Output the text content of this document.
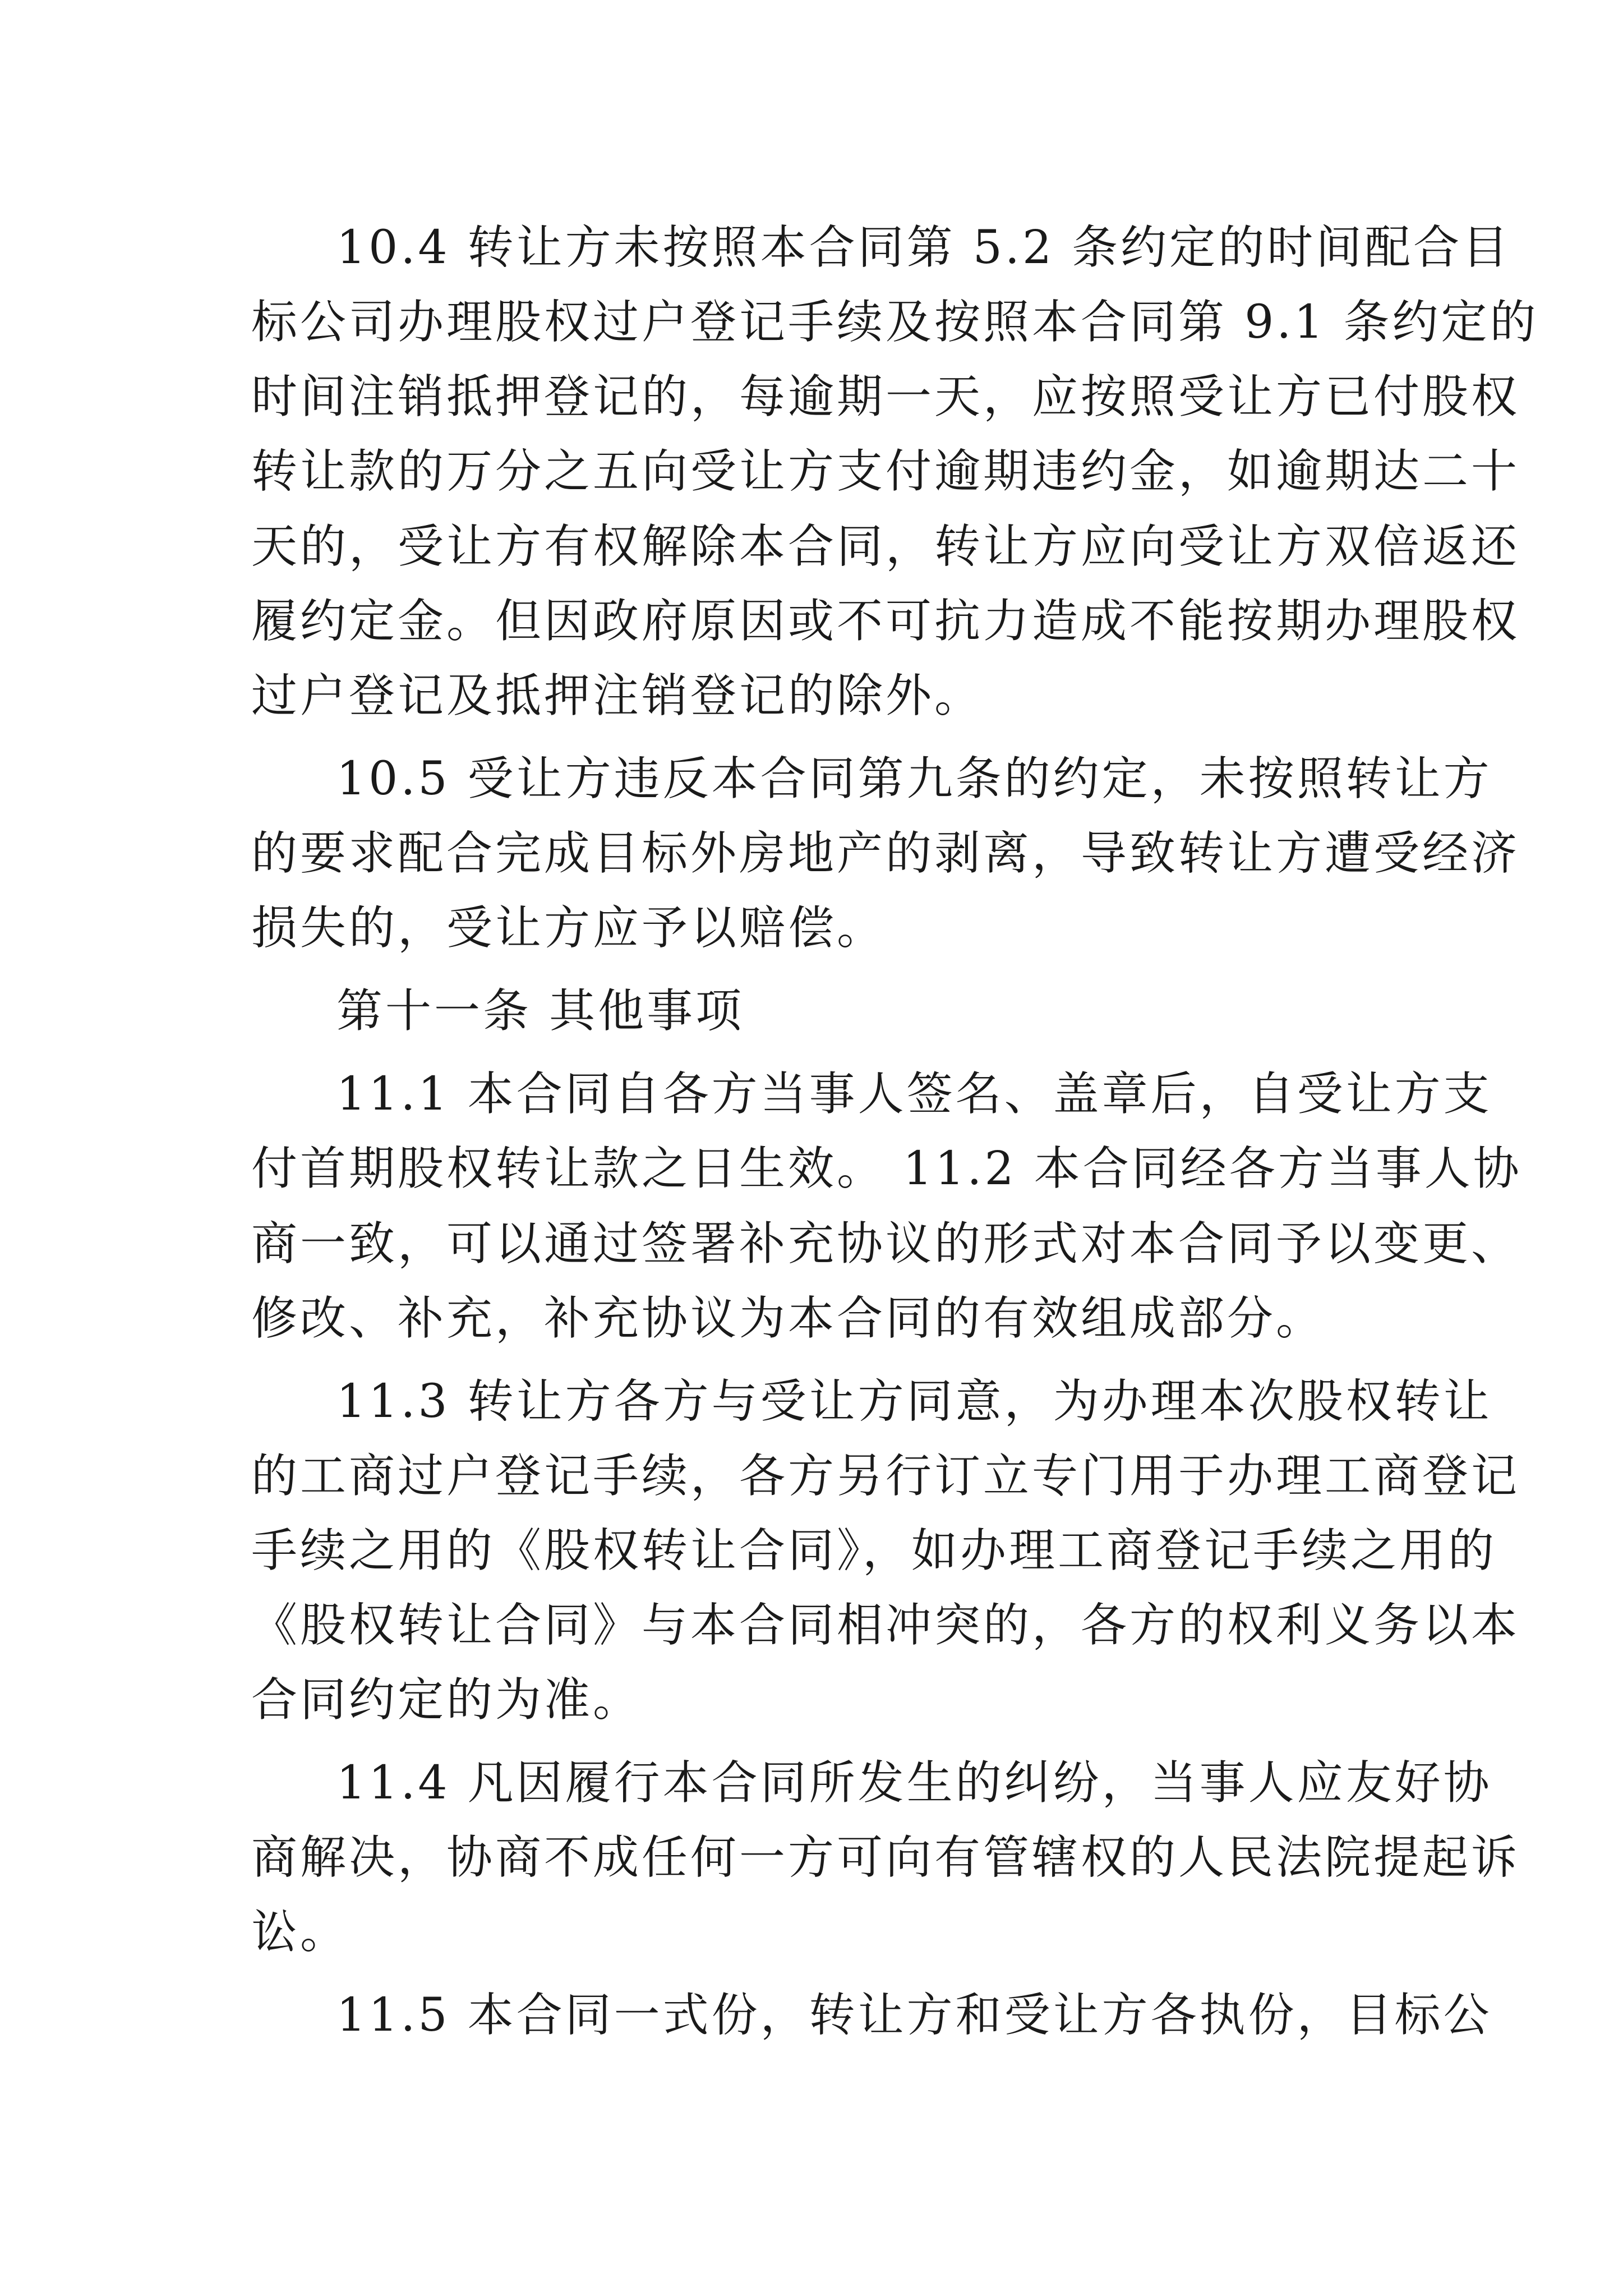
10.4 转让方未按照本合同第 5.2 条约定的时间配合目
标公司办理股权过户登记手续及按照本合同第 9.1 条约定的
时间注销抵押登记的，每逾期一天，应按照受让方已付股权
转让款的万分之五向受让方支付逾期违约金，如逾期达二十
天的，受让方有权解除本合同，转让方应向受让方双倍返还
履约定金。但因政府原因或不可抗力造成不能按期办理股权
过户登记及抵押注销登记的除外。
10.5 受让方违反本合同第九条的约定，未按照转让方
的要求配合完成目标外房地产的剥离，导致转让方遭受经济
损失的，受让方应予以赔偿。
第十一条 其他事项
11.1 本合同自各方当事人签名、盖章后，自受让方支
付首期股权转让款之日生效。 11.2 本合同经各方当事人协
商一致，可以通过签署补充协议的形式对本合同予以变更、
修改、补充，补充协议为本合同的有效组成部分。
11.3 转让方各方与受让方同意，为办理本次股权转让
的工商过户登记手续，各方另行订立专门用于办理工商登记
手续之用的《股权转让合同》，如办理工商登记手续之用的
《股权转让合同》与本合同相冲突的，各方的权利义务以本
合同约定的为准。
11.4 凡因履行本合同所发生的纠纷，当事人应友好协
商解决，协商不成任何一方可向有管辖权的人民法院提起诉
讼。
11.5 本合同一式份，转让方和受让方各执份，目标公
